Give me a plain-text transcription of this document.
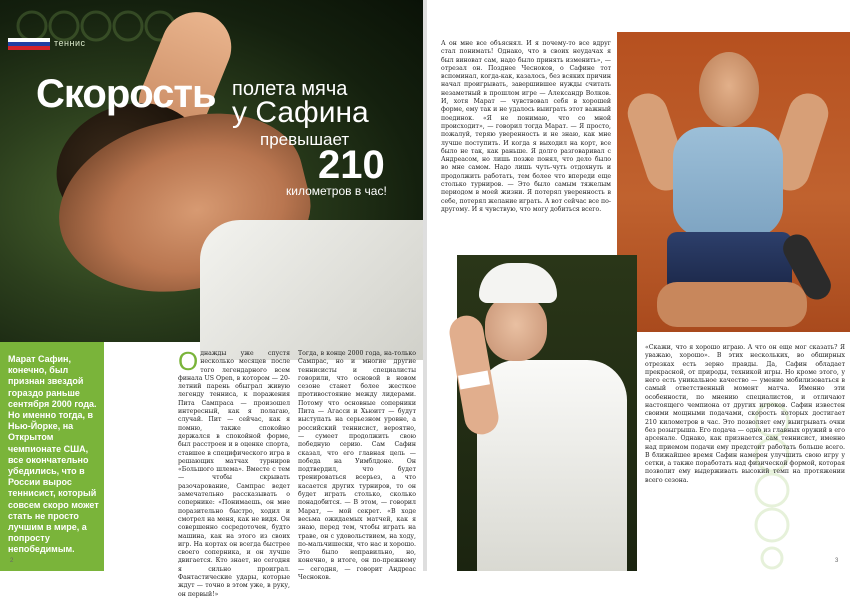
теннис
Скорость полета мяча
у Сафина
превышает
210
километров в час!
Марат Сафин, конечно, был признан звездой гораздо раньше сентября 2000 года. Но именно тогда, в Нью-Йорке, на Открытом чемпионате США, все окончательно убедились, что в России вырос теннисист, который совсем скоро может стать не просто лучшим в мире, а попросту непобедимым.
О днажды уже спустя несколько месяцев после того легендарного всем финала US Open, в котором — 20-летний парень обыграл живую легенду тенниса, к поражения Пита Сампраса — произошел интересный, как я полагаю, случай. Пит — сейчас, как я помню, также спокойно держался в спокойной форме, был расстроен и в оценке спорта, ставшее в специфического игра в решающих матчах турниров «Большого шлема». Вместе с тем — чтобы скрывать разочарование, Сампрас ведет замечательно рассказывать о сопернике: «Понимаешь, он мне поразительно быстро, ходил и смотрел на меня, как не видя. Он совершенно сосредоточен, будто машина, как на этого из своих игр. На кортах он всегда быстрее своего соперника, и он лучше двигается. Кто знает, но сегодня я сильно проиграл. Фантастические удары, которые ждут — точно в этом уже, в руку, он первый!»
Тогда, в конце 2000 года, на-только Сампрас, но и многие другие теннисисты и специалисты говорили, что основой в новом сезоне станет более жесткое противостояние между лидерами. Потому что основные соперники Пита — Агасси и Хьюитт — будут выступать на серьезном уровне, а российский теннисист, вероятно, — сумеет продолжить свою победную серию. Сам Сафин сказал, что его главная цель — победа на Уимблдоне. Он подтвердил, что будет тренироваться всерьез, а что касается других турниров, то он будет играть столько, сколько понадобится. — В этом, — говорил Марат, — мой секрет. «В ходе весьма ожидаемых матчей, как я знаю, перед тем, чтобы играть на траве, он с удовольствием, на ходу, по-мальчишески, что нас и хорошо. Это было неправильно, но, конечно, в итоге, он по-прежнему — сегодня, — говорит Андреас Чесноков.
2
А он мне все объяснял. И я почему-то все вдруг стал понимать! Однако, что в своих неудачах я был виноват сам, надо было принять изменить», — отрезал он. Позднее Чесноков, о Сафине тот вспоминал, когда-как, казалось, без всяких причин начал проигрывать, завершившее нужды считать незаметный в прошлом игре — Александр Волков. И, хотя Марат — чувствовал себя в хорошей форме, ему так и не удалось выиграть этот важный поединок. «Я не понимаю, что со мной происходит», — говорил тогда Марат. — Я просто, пожалуй, теряю уверенность и не знаю, как мне лучше поступить. И когда я выходил на корт, все было не так, как раньше. Я долго разговаривал с Андреасом, но лишь позже понял, что дело было во мне самом. Надо лишь чуть-чуть отдохнуть и продолжить работать, тем более что впереди еще столько турниров. — Это было самым тяжелым периодом в моей жизни. Я потерял уверенность в себе, потерял желание играть. А вот сейчас все по-другому. И я чувствую, что могу добиться всего.
«Скажи, что я хорошо играю. А что он еще мог сказать? Я уважаю, хорошо». В этих нескольких, во обширных отрезках есть зерно правды. Да, Сафин обладает прекрасной, от природы, техникой игры. Но кроме этого, у него есть уникальное качество — умение мобилизоваться в самый ответственный момент матча. Именно эти особенности, по мнению специалистов, и отличают настоящего чемпиона от других игроков. Сафин известен своими мощными подачами, скорость которых достигает 210 километров в час. Это позволяет ему выигрывать очки без розыгрыша. Его подача — одно из главных оружий в его арсенале. Однако, как признается сам теннисист, именно над приемом подачи ему предстоит работать больше всего. В ближайшее время Сафин намерен улучшить свою игру у сетки, а также поработать над физической формой, которая позволит ему выдерживать высокий темп на протяжении всего сезона.
3
